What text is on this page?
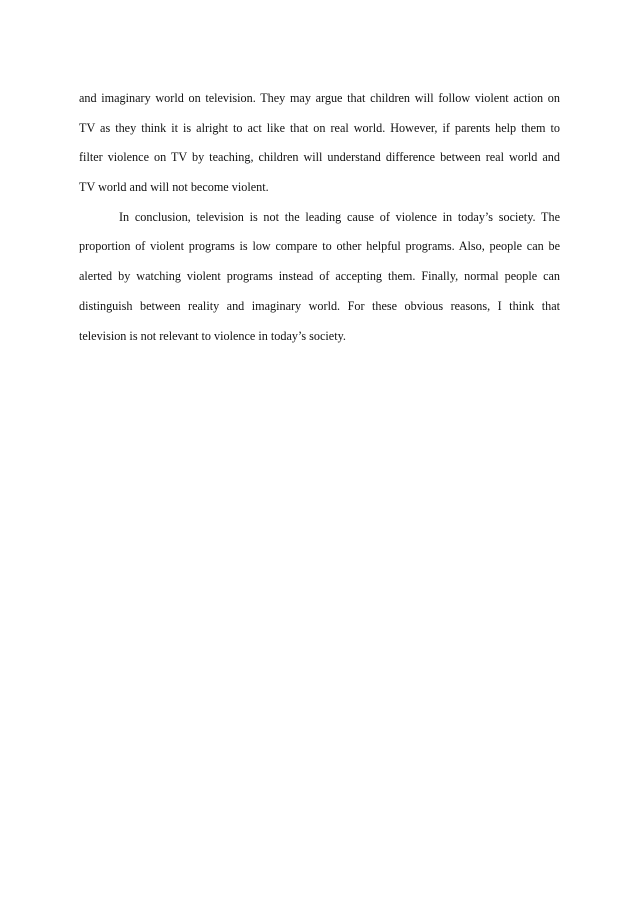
and imaginary world on television. They may argue that children will follow violent action on
TV as they think it is alright to act like that on real world. However, if parents help them to
filter violence on TV by teaching, children will understand difference between real world and
TV world and will not become violent.
In conclusion, television is not the leading cause of violence in today’s society. The
proportion of violent programs is low compare to other helpful programs. Also, people can be
alerted by watching violent programs instead of accepting them. Finally, normal people can
distinguish between reality and imaginary world. For these obvious reasons, I think that
television is not relevant to violence in today’s society.
